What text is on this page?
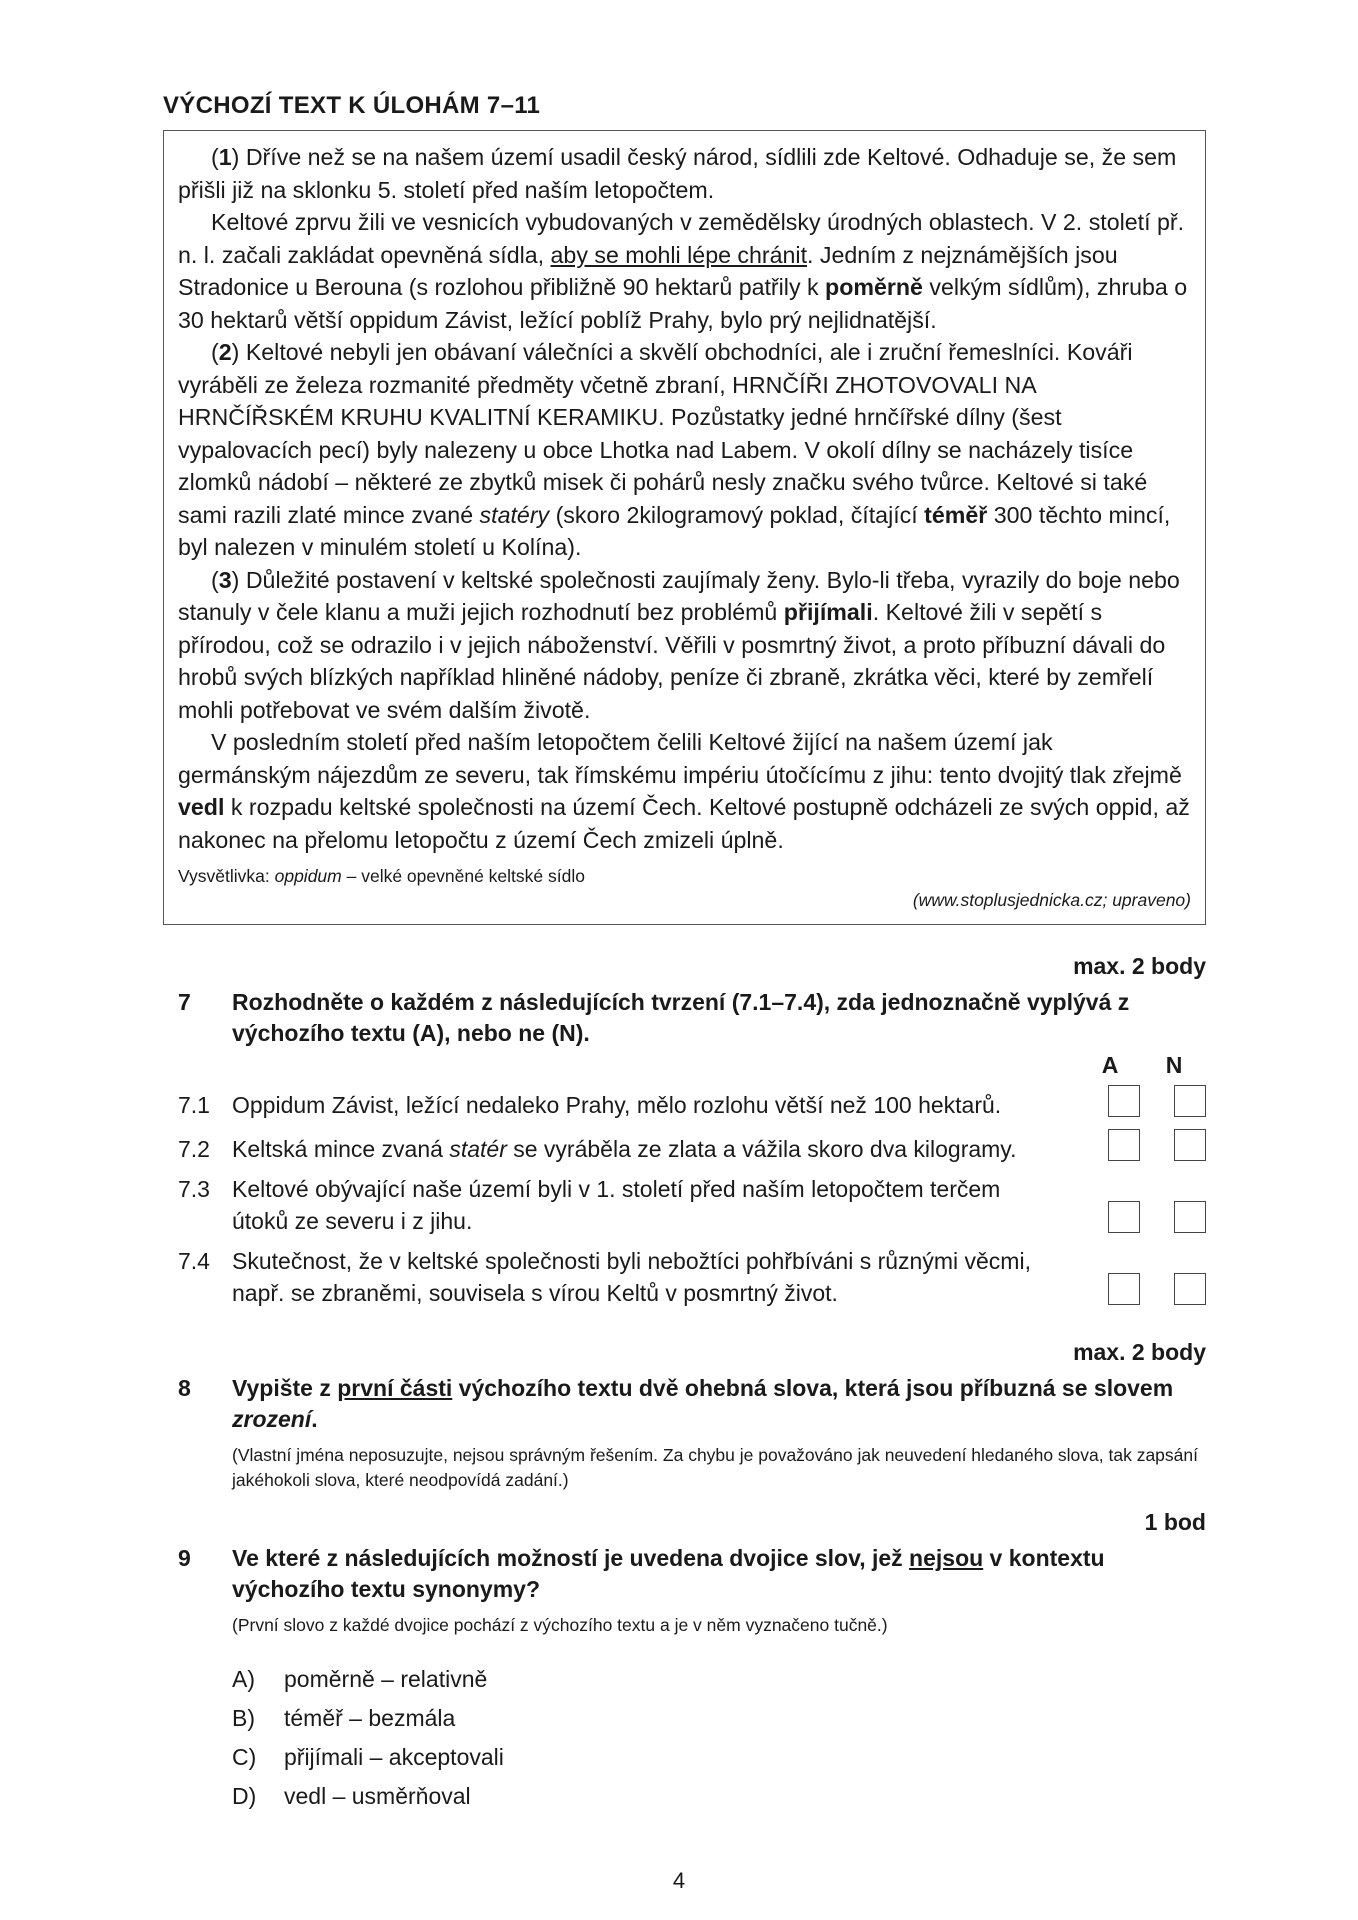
VÝCHOZÍ TEXT K ÚLOHÁM 7–11

(1) Dříve než se na našem území usadil český národ, sídlili zde Keltové. Odhaduje se, že sem přišli již na sklonku 5. století před naším letopočtem.

Keltové zprvu žili ve vesnicích vybudovaných v zemědělsky úrodných oblastech. V 2. století př. n. l. začali zakládat opevněná sídla, aby se mohli lépe chránit. Jedním z nejznámějších jsou Stradonice u Berouna (s rozlohou přibližně 90 hektarů patřily k poměrně velkým sídlům), zhruba o 30 hektarů větší oppidum Závist, ležící poblíž Prahy, bylo prý nejlidnatější.

(2) Keltové nebyli jen obávaní válečníci a skvělí obchodníci, ale i zruční řemeslníci. Kováři vyráběli ze železa rozmanité předměty včetně zbraní, HRNČÍŘI ZHOTOVOVALI NA HRNČÍŘSKÉM KRUHU KVALITNÍ KERAMIKU. Pozůstatky jedné hrnčířské dílny (šest vypalovacích pecí) byly nalezeny u obce Lhotka nad Labem. V okolí dílny se nacházely tisíce zlomků nádobí – některé ze zbytků misek či pohárů nesly značku svého tvůrce. Keltové si také sami razili zlaté mince zvané statéry (skoro 2kilogramový poklad, čítající téměř 300 těchto mincí, byl nalezen v minulém století u Kolína).

(3) Důležité postavení v keltské společnosti zaujímaly ženy. Bylo-li třeba, vyrazily do boje nebo stanuly v čele klanu a muži jejich rozhodnutí bez problémů přijímali. Keltové žili v sepětí s přírodou, což se odrazilo i v jejich náboženství. Věřili v posmrtný život, a proto příbuzní dávali do hrobů svých blízkých například hliněné nádoby, peníze či zbraně, zkrátka věci, které by zemřelí mohli potřebovat ve svém dalším životě.

V posledním století před naším letopočtem čelili Keltové žijící na našem území jak germánským nájezdům ze severu, tak římskému impériu útočícímu z jihu: tento dvojitý tlak zřejmě vedl k rozpadu keltské společnosti na území Čech. Keltové postupně odcházeli ze svých oppid, až nakonec na přelomu letopočtu z území Čech zmizeli úplně.

Vysvětlivka: oppidum – velké opevněné keltské sídlo
(www.stoplusjednicka.cz; upraveno)
max. 2 body
7	Rozhodněte o každém z následujících tvrzení (7.1–7.4), zda jednoznačně vyplývá z výchozího textu (A), nebo ne (N).
A	N
7.1 Oppidum Závist, ležící nedaleko Prahy, mělo rozlohu větší než 100 hektarů.
7.2 Keltská mince zvaná statér se vyráběla ze zlata a vážila skoro dva kilogramy.
7.3 Keltové obývající naše území byli v 1. století před naším letopočtem terčem útoků ze severu i z jihu.
7.4 Skutečnost, že v keltské společnosti byli nebožtíci pohřbíváni s různými věcmi, např. se zbraněmi, souvisela s vírou Keltů v posmrtný život.
max. 2 body
8	Vypište z první části výchozího textu dvě ohebná slova, která jsou příbuzná se slovem zrození.
(Vlastní jména neposuzujte, nejsou správným řešením. Za chybu je považováno jak neuvedení hledaného slova, tak zapsání jakéhokoli slova, které neodpovídá zadání.)
1 bod
9	Ve které z následujících možností je uvedena dvojice slov, jež nejsou v kontextu výchozího textu synonymy?
(První slovo z každé dvojice pochází z výchozího textu a je v něm vyznačeno tučně.)
A)	poměrně – relativně
B)	téměř – bezmála
C)	přijímali – akceptovali
D)	vedl – usměrňoval
4
